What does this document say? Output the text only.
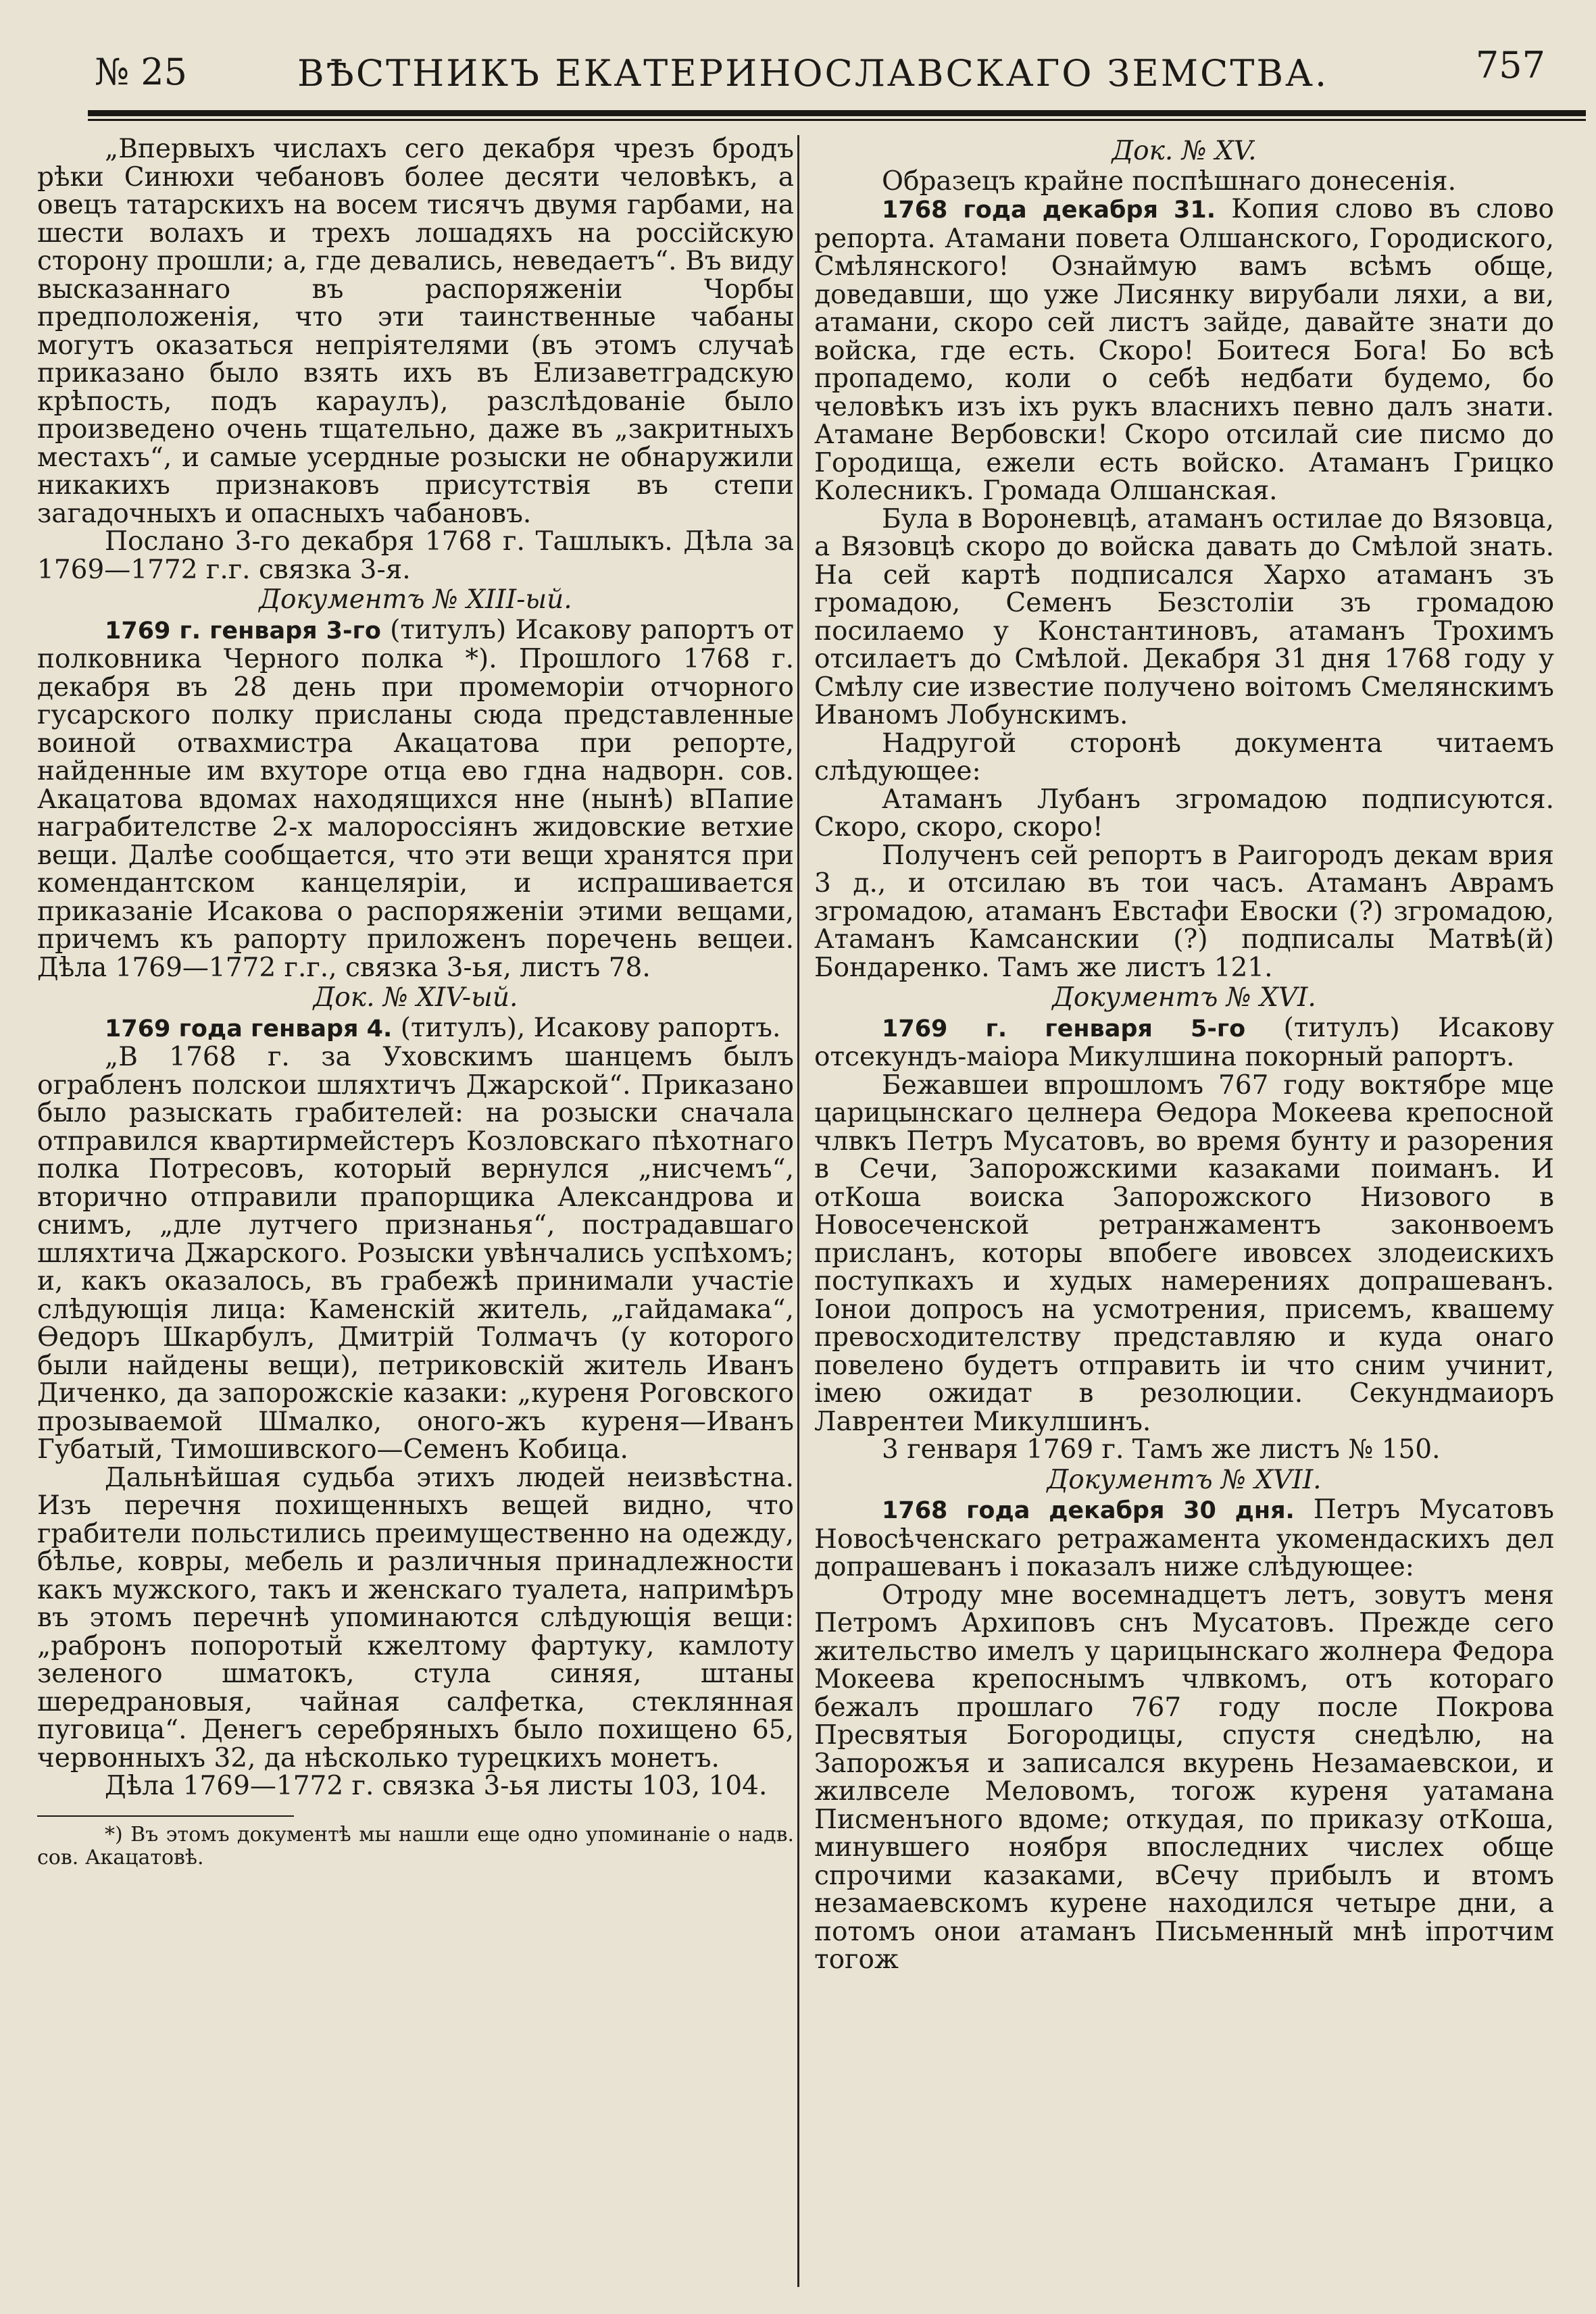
№ 25	ВѢСТНИКЪ ЕКАТЕРИНОСЛАВСКАГО ЗЕМСТВА.	757

„Впервыхъ числахъ сего декабря чрезъ бродъ рѣки Синюхи чебановъ более десяти человѣкъ, а овецъ татарскихъ на восем тисячъ двумя гарбами, на шести волахъ и трехъ лошадяхъ на россійскую сторону прошли; а, где девались, неведаетъ“. Въ виду высказаннаго въ распоряженіи Чорбы предположенія, что эти таинственные чабаны могутъ оказаться непріятелями (въ этомъ случаѣ приказано было взять ихъ въ Елизаветградскую крѣпость, подъ караулъ), разслѣдованіе было произведено очень тщательно, даже въ „закритныхъ местахъ“, и самые усердные розыски не обнаружили никакихъ признаковъ присутствія въ степи загадочныхъ и опасныхъ чабановъ.

Послано 3-го декабря 1768 г. Ташлыкъ. Дѣла за 1769—1772 г.г. связка 3-я.

Документъ № XIII-ый.

1769 г. генваря 3-го (титулъ) Исакову рапортъ от полковника Черного полка *). Прошлого 1768 г. декабря въ 28 день при промеморіи отчорного гусарского полку присланы сюда представленные воиной отвахмистра Акацатова при репорте, найденные им вхуторе отца ево гдна надворн. сов. Акацатова вдомах находящихся нне (нынѣ) вПапие награбителстве 2-х малороссіянъ жидовские ветхие вещи. Далѣе сообщается, что эти вещи хранятся при комендантском канцеляріи, и испрашивается приказаніе Исакова о распоряженіи этими вещами, причемъ къ рапорту приложенъ поречень вещеи. Дѣла 1769—1772 г.г., связка 3-ья, листъ 78.

Док. № XIV-ый.

1769 года генваря 4. (титулъ), Исакову рапортъ.

„В 1768 г. за Уховскимъ шанцемъ былъ ограбленъ полскои шляхтичъ Джарской“. Приказано было разыскать грабителей: на розыски сначала отправился квартирмейстеръ Козловскаго пѣхотнаго полка Потресовъ, который вернулся „нисчемъ“, вторично отправили прапорщика Александрова и снимъ, „дле лутчего признанья“, пострадавшаго шляхтича Джарского. Розыски увѣнчались успѣхомъ; и, какъ оказалось, въ грабежѣ принимали участіе слѣдующія лица: Каменскій житель, „гайдамака“, Ѳедоръ Шкарбулъ, Дмитрій Толмачъ (у которого были найдены вещи), петриковскій житель Иванъ Диченко, да запорожскіе казаки: „куреня Роговского прозываемой Шмалко, оного-жъ куреня—Иванъ Губатый, Тимошивского—Семенъ Кобица.

Дальнѣйшая судьба этихъ людей неизвѣстна. Изъ перечня похищенныхъ вещей видно, что грабители польстились преимущественно на одежду, бѣлье, ковры, мебель и различныя принадлежности какъ мужского, такъ и женскаго туалета, напримѣръ въ этомъ перечнѣ упоминаются слѣдующія вещи: „рабронъ попоротый кжелтому фартуку, камлоту зеленого шматокъ, стула синяя, штаны шередрановыя, чайная салфетка, стеклянная пуговица“. Денегъ серебряныхъ было похищено 65, червонныхъ 32, да нѣсколько турецкихъ монетъ.

Дѣла 1769—1772 г. связка 3-ья листы 103, 104.

*) Въ этомъ документѣ мы нашли еще одно упоминаніе о надв. сов. Акацатовѣ.

Док. № XV.

Образецъ крайне поспѣшнаго донесенія.

1768 года декабря 31. Копия слово въ слово репорта. Атамани повета Олшанского, Городиского, Смѣлянского! Ознаймую вамъ всѣмъ обще, доведавши, що уже Лисянку вирубали ляхи, а ви, атамани, скоро сей листъ зайде, давайте знати до войска, где есть. Скоро! Боитеся Бога! Бо всѣ пропадемо, коли о себѣ недбати будемо, бо человѣкъ изъ iхъ рукъ власнихъ певно далъ знати. Атамане Вербовски! Скоро отсилай сие писмо до Городища, ежели есть войско. Атаманъ Грицко Колесникъ. Громада Олшанская.

Була в Вороневцѣ, атаманъ остилае до Вязовца, а Вязовцѣ скоро до войска давать до Смѣлой знать. На сей картѣ подписался Хархо атаманъ зъ громадою, Семенъ Безстолiи зъ громадою посилаемо у Константиновъ, атаманъ Трохимъ отсилаетъ до Смѣлой. Декабря 31 дня 1768 году у Смѣлу сие известие получено воiтомъ Смелянскимъ Иваномъ Лобунскимъ.

Надругой сторонѣ документа читаемъ слѣдующее:

Атаманъ Лубанъ згромадою подписуются. Скоро, скоро, скоро!

Полученъ сей репортъ в Раигородъ декам врия 3 д., и отсилаю въ тои часъ. Атаманъ Аврамъ згромадою, атаманъ Евстафи Евоски (?) згромадою, Атаманъ Камсанскии (?) подписалы Матвѣ(й) Бондаренко. Тамъ же листъ 121.

Документъ № XVI.

1769 г. генваря 5-го (титулъ) Исакову отсекундъ-маiора Микулшина покорный рапортъ.

Бежавшеи впрошломъ 767 году воктябре мце царицынскагo целнера Ѳедора Мокеева крепосной члвкъ Петръ Мусатовъ, во время бунту и разорения в Сечи, Запорожскими казаками поиманъ. И отКоша воиска Запорожского Низового в Новосеченской ретранжаментъ законвоемъ присланъ, которы впобеге ивовсех злодеискихъ поступкахъ и худых намерениях допрашеванъ. Іонои допросъ на усмотрения, присемъ, квашему превосходителству представляю и куда онаго повелено будетъ отправить iи что сним учинит, iмею ожидат в резолюции. Секундмаиоръ Лаврентеи Микулшинъ.

3 генваря 1769 г. Тамъ же листъ № 150.

Документъ № XVII.

1768 года декабря 30 дня. Петръ Мусатовъ Новосѣченскагo ретражамента укомендаскихъ дел допрашеванъ i показалъ ниже слѣдующее:

Отроду мне восемнадцетъ летъ, зовутъ меня Петромъ Архиповъ снъ Мусатовъ. Прежде сего жительство имелъ у царицынскагo жолнера Федора Мокеева крепоснымъ члвкомъ, отъ котораго бежалъ прошлаго 767 году после Покрова Пресвятыя Богородицы, спустя снедѣлю, на Запорожъя и записался вкурень Незамаевскои, и жилвселе Меловомъ, тогож куреня уатамана Писменъного вдоме; откудая, по приказу отКоша, минувшего ноября впоследних числех обще спрочими казаками, вСечу прибылъ и втомъ незамаевскомъ курене находился четыре дни, а потомъ онои атаманъ Письменный мнѣ iпротчим тогож
